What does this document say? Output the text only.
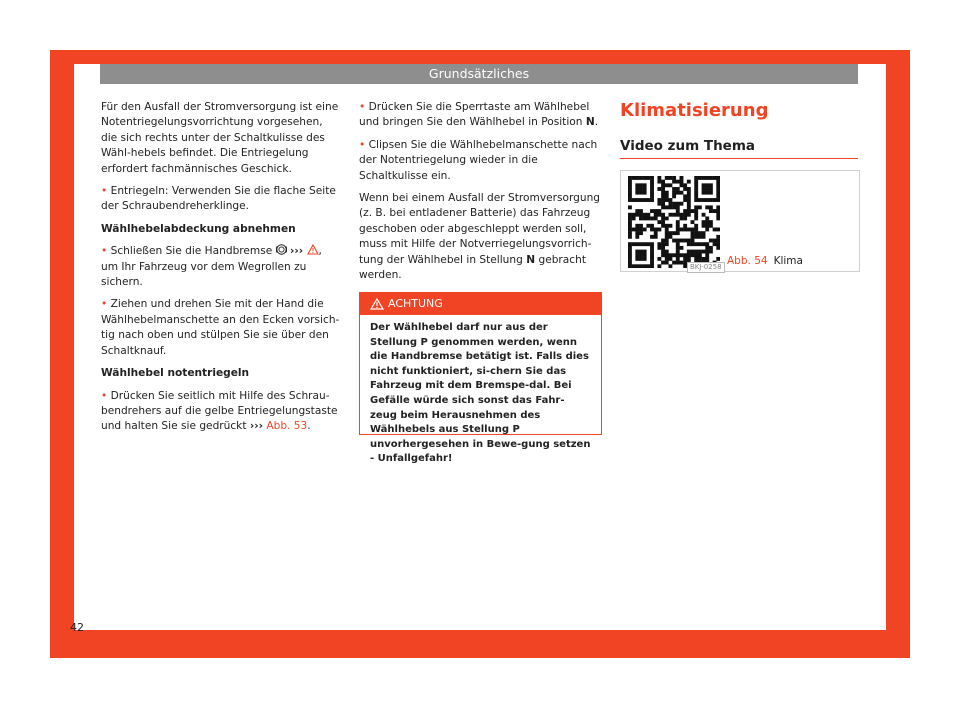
Grundsätzliches

Für den Ausfall der Stromversorgung ist eine Notentriegelungsvorrichtung vorgesehen, die sich rechts unter der Schaltkulisse des Wähl-hebels befindet. Die Entriegelung erfordert fachmännisches Geschick.

• Entriegeln: Verwenden Sie die flache Seite der Schraubendreherklinge.

Wählhebelabdeckung abnehmen

• Schließen Sie die Handbremse ››› , um Ihr Fahrzeug vor dem Wegrollen zu sichern.

• Ziehen und drehen Sie mit der Hand die Wählhebelmanschette an den Ecken vorsich-tig nach oben und stülpen Sie sie über den Schaltknauf.

Wählhebel notentriegeln

• Drücken Sie seitlich mit Hilfe des Schrau-bendrehers auf die gelbe Entriegelungstaste und halten Sie sie gedrückt ››› Abb. 53.

• Drücken Sie die Sperrtaste am Wählhebel und bringen Sie den Wählhebel in Position N.

• Clipsen Sie die Wählhebelmanschette nach der Notentriegelung wieder in die Schaltkulisse ein.

Wenn bei einem Ausfall der Stromversorgung (z. B. bei entladener Batterie) das Fahrzeug geschoben oder abgeschleppt werden soll, muss mit Hilfe der Notverriegelungsvorrich-tung der Wählhebel in Stellung N gebracht werden.

ACHTUNG
Der Wählhebel darf nur aus der Stellung P genommen werden, wenn die Handbremse betätigt ist. Falls dies nicht funktioniert, si-chern Sie das Fahrzeug mit dem Bremspe-dal. Bei Gefälle würde sich sonst das Fahr-zeug beim Herausnehmen des Wählhebels aus Stellung P unvorhergesehen in Bewe-gung setzen - Unfallgefahr!
Klimatisierung
Video zum Thema
BKJ-0258 Abb. 54 Klima
42
